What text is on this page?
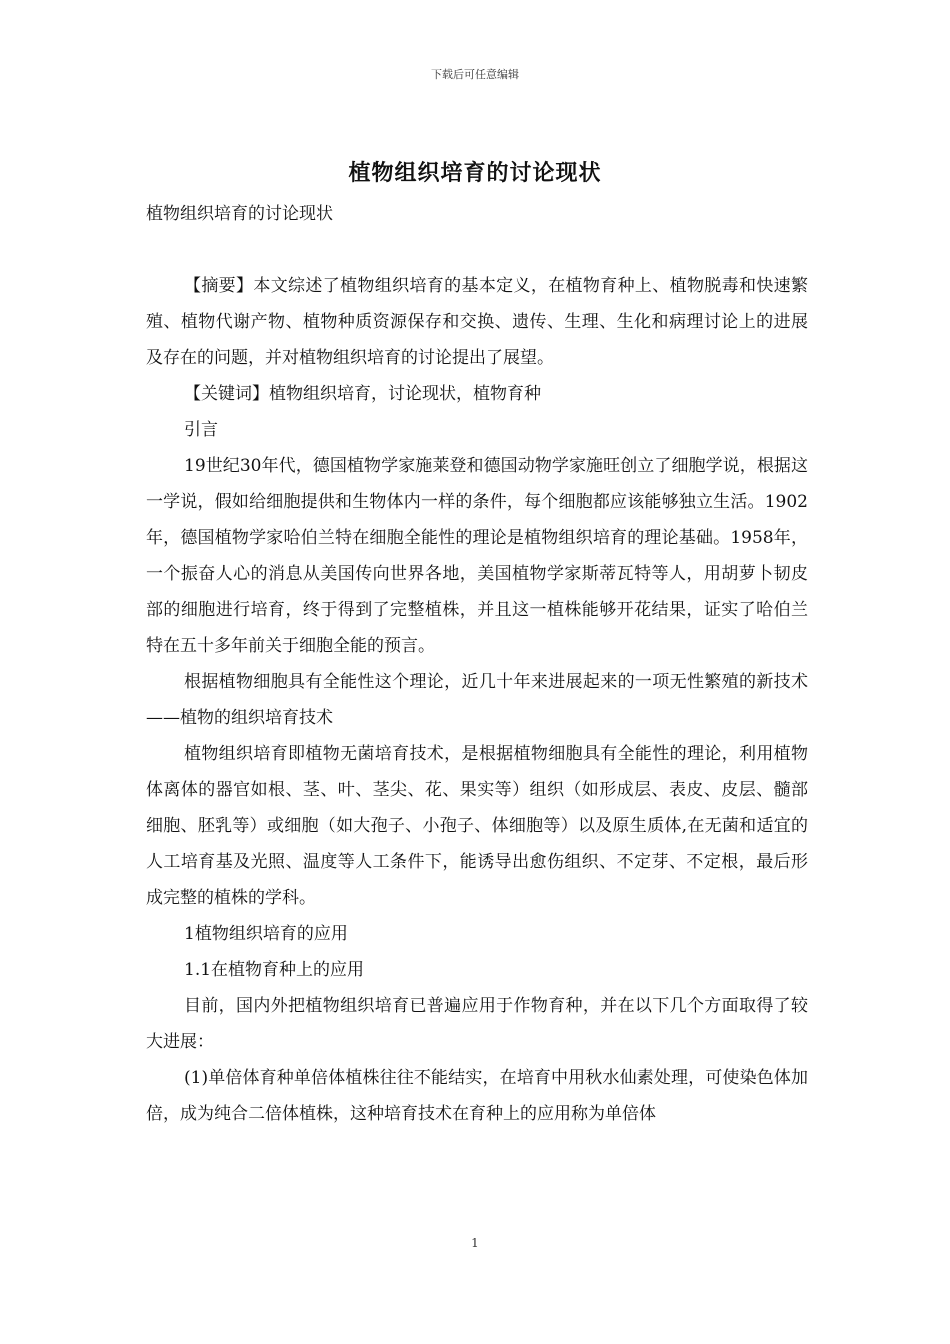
下载后可任意编辑
植物组织培育的讨论现状

植物组织培育的讨论现状

【摘要】本文综述了植物组织培育的基本定义，在植物育种上、植物脱毒和快速繁殖、植物代谢产物、植物种质资源保存和交换、遗传、生理、生化和病理讨论上的进展及存在的问题，并对植物组织培育的讨论提出了展望。

【关键词】植物组织培育，讨论现状，植物育种

引言

19世纪30年代，德国植物学家施莱登和德国动物学家施旺创立了细胞学说，根据这一学说，假如给细胞提供和生物体内一样的条件，每个细胞都应该能够独立生活。1902年，德国植物学家哈伯兰特在细胞全能性的理论是植物组织培育的理论基础。1958年，一个振奋人心的消息从美国传向世界各地，美国植物学家斯蒂瓦特等人，用胡萝卜韧皮部的细胞进行培育，终于得到了完整植株，并且这一植株能够开花结果，证实了哈伯兰特在五十多年前关于细胞全能的预言。

根据植物细胞具有全能性这个理论，近几十年来进展起来的一项无性繁殖的新技术——植物的组织培育技术

植物组织培育即植物无菌培育技术，是根据植物细胞具有全能性的理论，利用植物体离体的器官如根、茎、叶、茎尖、花、果实等）组织（如形成层、表皮、皮层、髓部细胞、胚乳等）或细胞（如大孢子、小孢子、体细胞等）以及原生质体,在无菌和适宜的人工培育基及光照、温度等人工条件下，能诱导出愈伤组织、不定芽、不定根，最后形成完整的植株的学科。

1植物组织培育的应用

1.1在植物育种上的应用

目前，国内外把植物组织培育已普遍应用于作物育种，并在以下几个方面取得了较大进展：

(1)单倍体育种单倍体植株往往不能结实，在培育中用秋水仙素处理，可使染色体加倍，成为纯合二倍体植株，这种培育技术在育种上的应用称为单倍体

1
